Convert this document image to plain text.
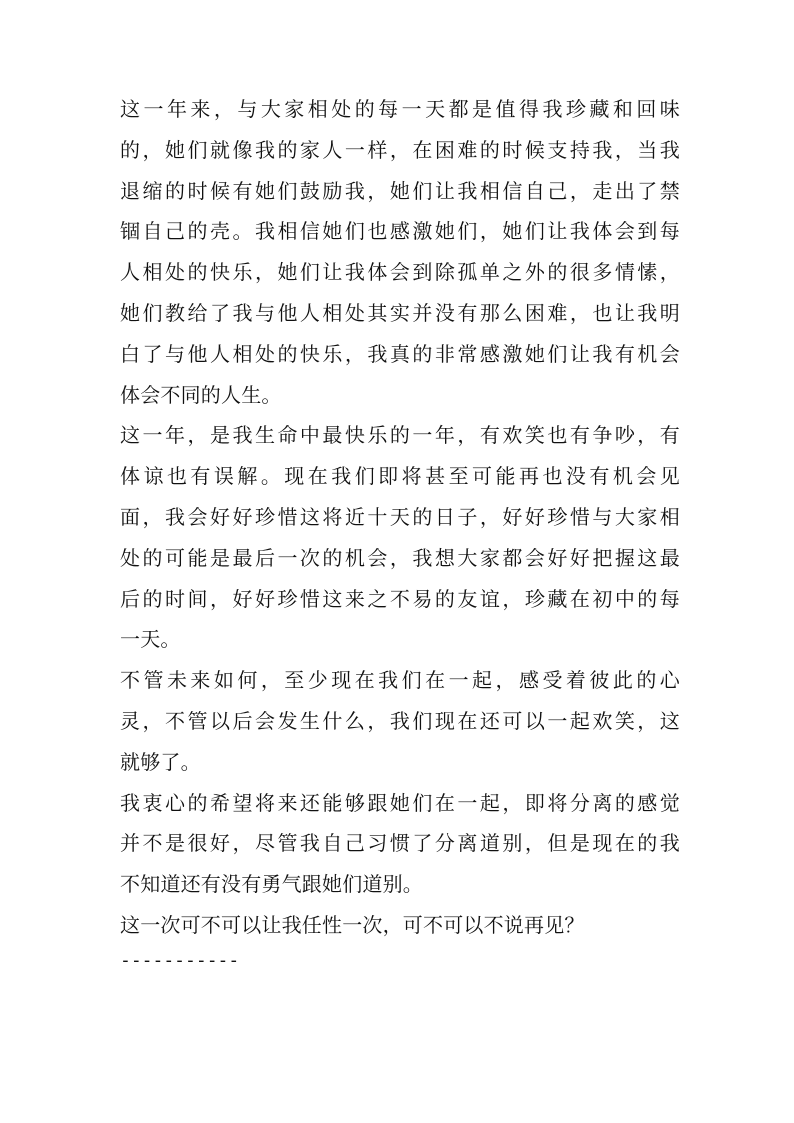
这一年来，与大家相处的每一天都是值得我珍藏和回味
的，她们就像我的家人一样，在困难的时候支持我，当我
退缩的时候有她们鼓励我，她们让我相信自己，走出了禁
锢自己的壳。我相信她们也感激她们，她们让我体会到每
人相处的快乐，她们让我体会到除孤单之外的很多情愫，
她们教给了我与他人相处其实并没有那么困难，也让我明
白了与他人相处的快乐，我真的非常感激她们让我有机会
体会不同的人生。
这一年，是我生命中最快乐的一年，有欢笑也有争吵，有
体谅也有误解。现在我们即将甚至可能再也没有机会见
面，我会好好珍惜这将近十天的日子，好好珍惜与大家相
处的可能是最后一次的机会，我想大家都会好好把握这最
后的时间，好好珍惜这来之不易的友谊，珍藏在初中的每
一天。
不管未来如何，至少现在我们在一起，感受着彼此的心
灵，不管以后会发生什么，我们现在还可以一起欢笑，这
就够了。
我衷心的希望将来还能够跟她们在一起，即将分离的感觉
并不是很好，尽管我自己习惯了分离道别，但是现在的我
不知道还有没有勇气跟她们道别。
这一次可不可以让我任性一次，可不可以不说再见？
-----------
